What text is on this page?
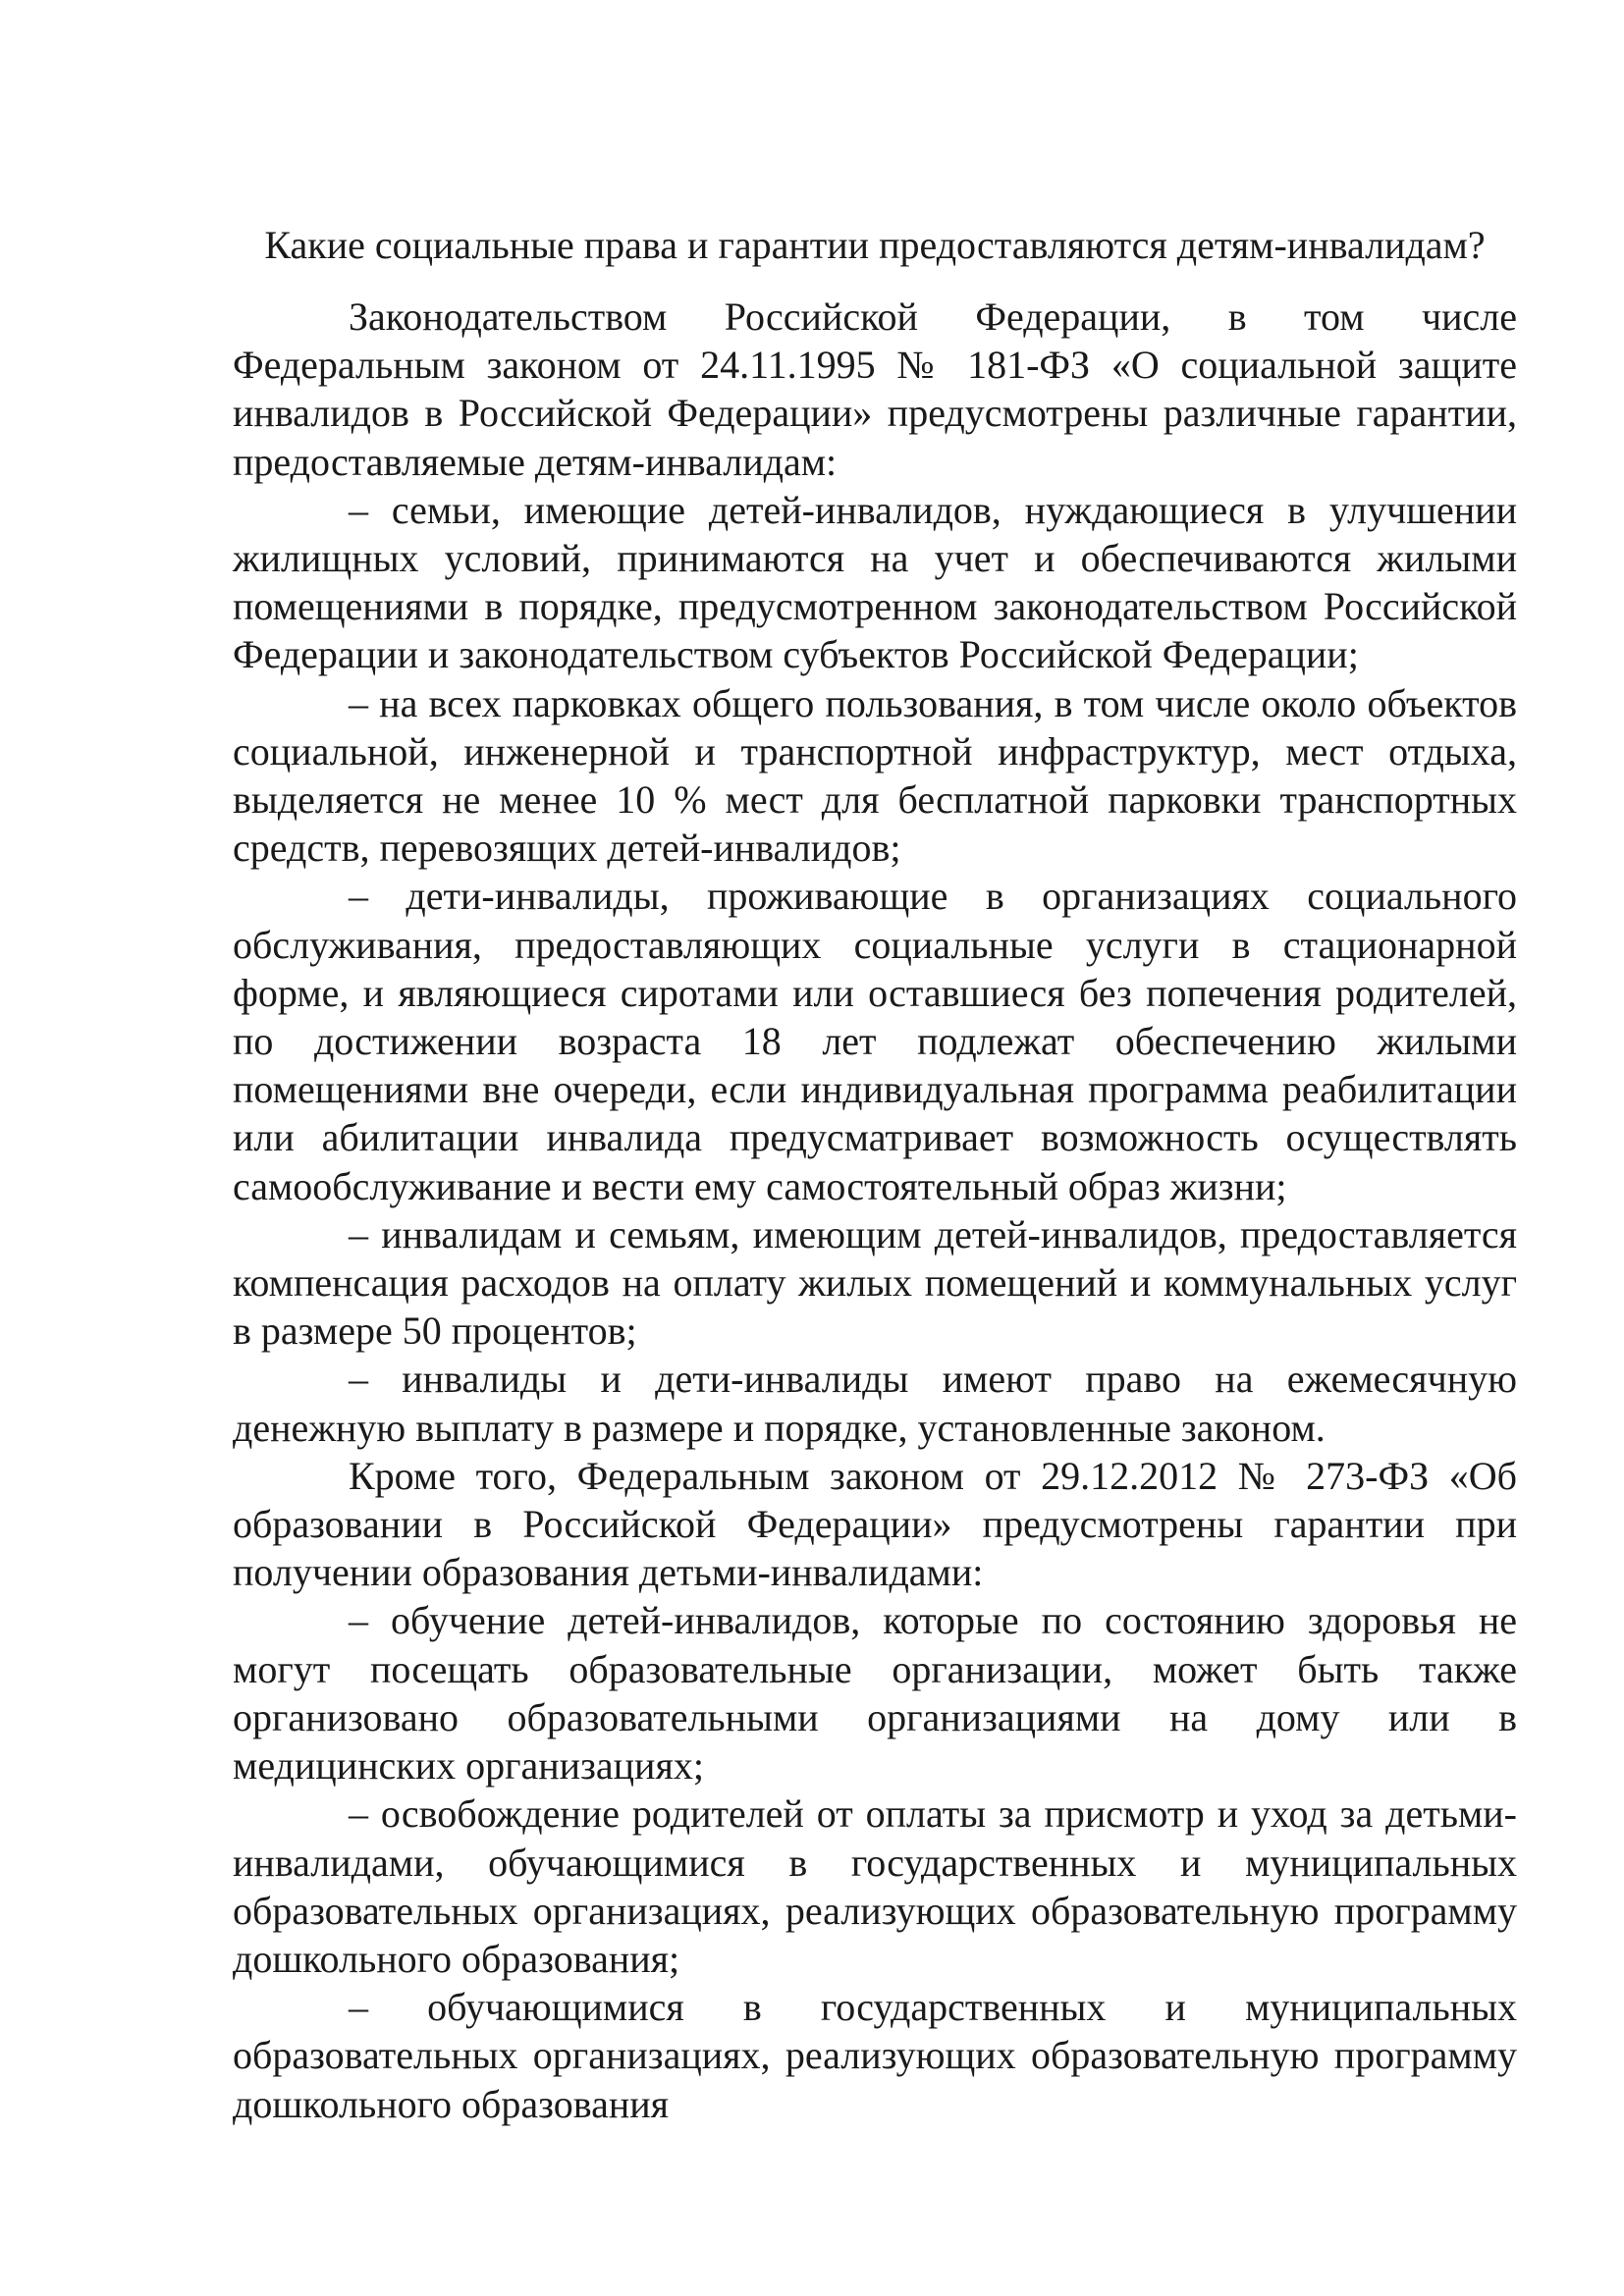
Какие социальные права и гарантии предоставляются детям-инвалидам?

Законодательством Российской Федерации, в том числе Федеральным законом от 24.11.1995 № 181-ФЗ «О социальной защите инвалидов в Российской Федерации» предусмотрены различные гарантии, предоставляемые детям-инвалидам:

– семьи, имеющие детей-инвалидов, нуждающиеся в улучшении жилищных условий, принимаются на учет и обеспечиваются жилыми помещениями в порядке, предусмотренном законодательством Российской Федерации и законодательством субъектов Российской Федерации;

– на всех парковках общего пользования, в том числе около объектов социальной, инженерной и транспортной инфраструктур, мест отдыха, выделяется не менее 10 % мест для бесплатной парковки транспортных средств, перевозящих детей-инвалидов;

– дети-инвалиды, проживающие в организациях социального обслуживания, предоставляющих социальные услуги в стационарной форме, и являющиеся сиротами или оставшиеся без попечения родителей, по достижении возраста 18 лет подлежат обеспечению жилыми помещениями вне очереди, если индивидуальная программа реабилитации или абилитации инвалида предусматривает возможность осуществлять самообслуживание и вести ему самостоятельный образ жизни;

– инвалидам и семьям, имеющим детей-инвалидов, предоставляется компенсация расходов на оплату жилых помещений и коммунальных услуг в размере 50 процентов;

– инвалиды и дети-инвалиды имеют право на ежемесячную денежную выплату в размере и порядке, установленные законом.

Кроме того, Федеральным законом от 29.12.2012 № 273-ФЗ «Об образовании в Российской Федерации» предусмотрены гарантии при получении образования детьми-инвалидами:

– обучение детей-инвалидов, которые по состоянию здоровья не могут посещать образовательные организации, может быть также организовано образовательными организациями на дому или в медицинских организациях;

– освобождение родителей от оплаты за присмотр и уход за детьми-инвалидами, обучающимися в государственных и муниципальных образовательных организациях, реализующих образовательную программу дошкольного образования;

– обучающимися в государственных и муниципальных образовательных организациях, реализующих образовательную программу дошкольного образования
